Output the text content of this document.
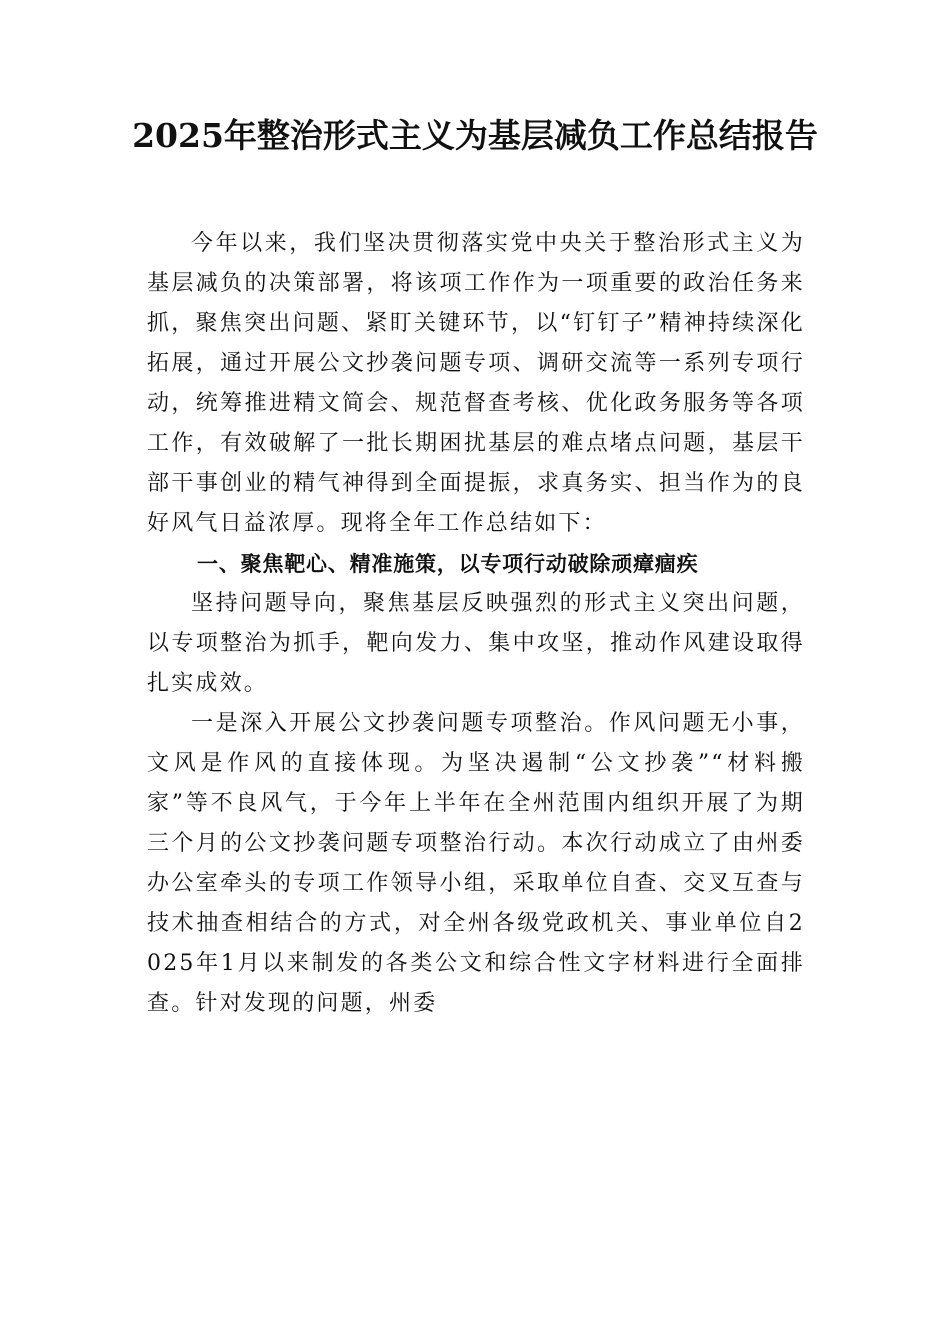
2025年整治形式主义为基层减负工作总结报告

今年以来，我们坚决贯彻落实党中央关于整治形式主义为基层减负的决策部署，将该项工作作为一项重要的政治任务来抓，聚焦突出问题、紧盯关键环节，以“钉钉子”精神持续深化拓展，通过开展公文抄袭问题专项、调研交流等一系列专项行动，统筹推进精文简会、规范督查考核、优化政务服务等各项工作，有效破解了一批长期困扰基层的难点堵点问题，基层干部干事创业的精气神得到全面提振，求真务实、担当作为的良好风气日益浓厚。现将全年工作总结如下：

一、聚焦靶心、精准施策，以专项行动破除顽瘴痼疾

坚持问题导向，聚焦基层反映强烈的形式主义突出问题，以专项整治为抓手，靶向发力、集中攻坚，推动作风建设取得扎实成效。

一是深入开展公文抄袭问题专项整治。作风问题无小事，文风是作风的直接体现。为坚决遏制“公文抄袭”“材料搬家”等不良风气，于今年上半年在全州范围内组织开展了为期三个月的公文抄袭问题专项整治行动。本次行动成立了由州委办公室牵头的专项工作领导小组，采取单位自查、交叉互查与技术抽查相结合的方式，对全州各级党政机关、事业单位自2025年1月以来制发的各类公文和综合性文字材料进行全面排查。针对发现的问题，州委
